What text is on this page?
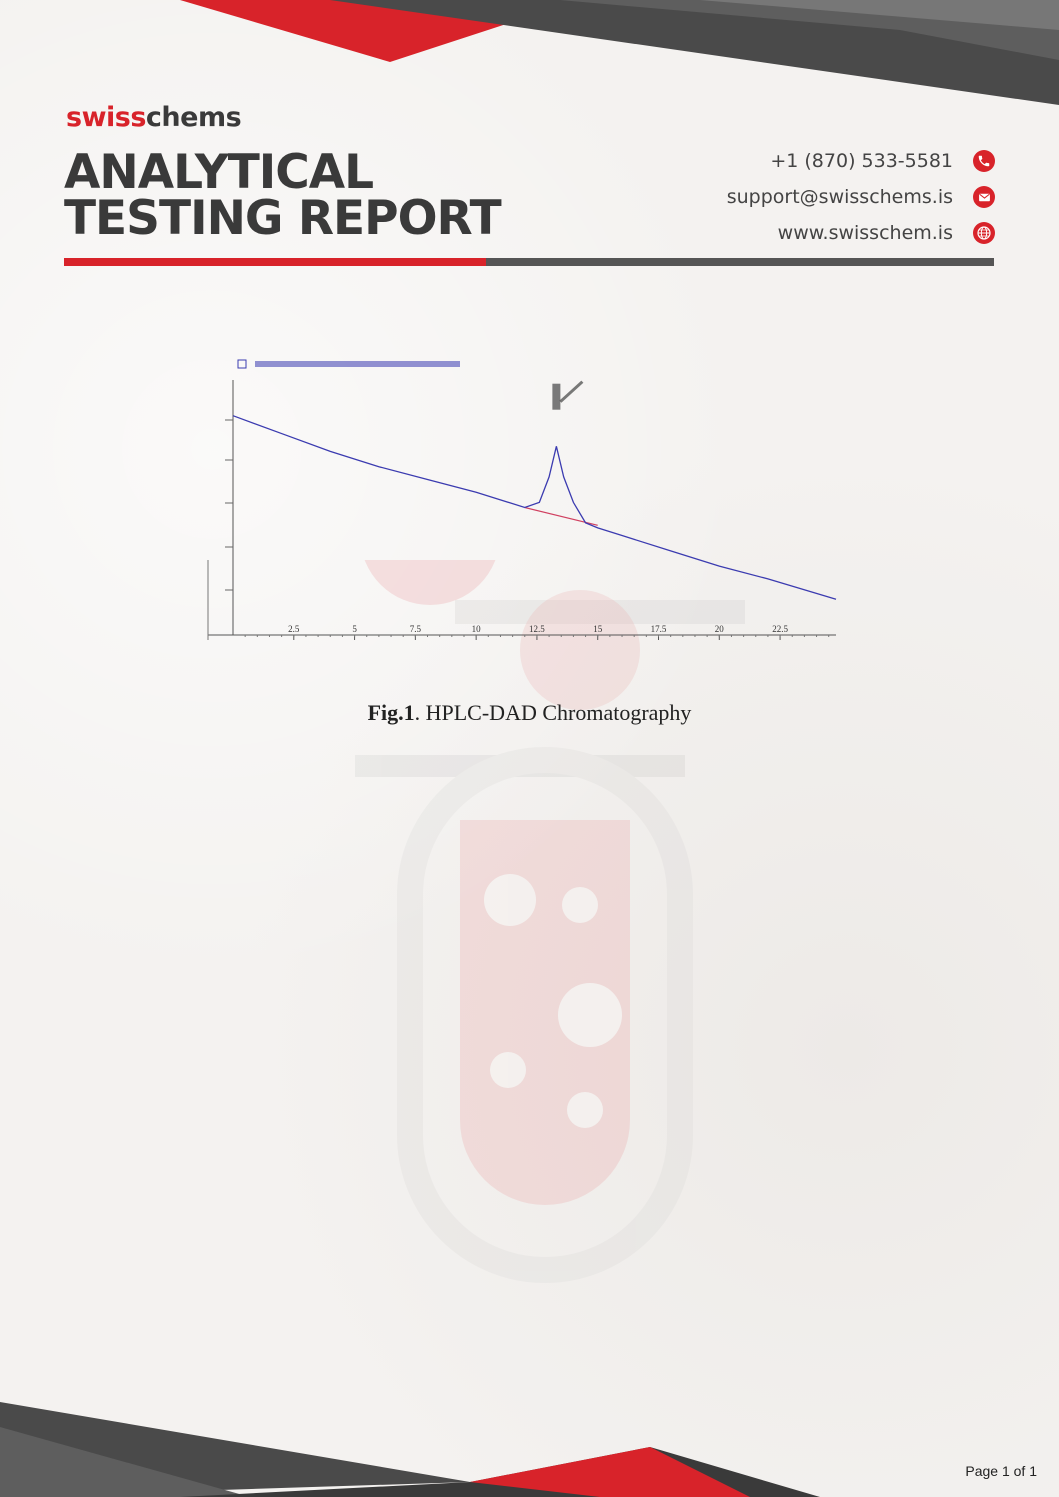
swisschems
ANALYTICAL
TESTING REPORT
+1 (870) 533-5581
support@swisschems.is
www.swisschem.is
2.5	5	7.5	10	12.5	15	17.5	20	22.5
Fig.1. HPLC-DAD Chromatography
Page 1 of 1
